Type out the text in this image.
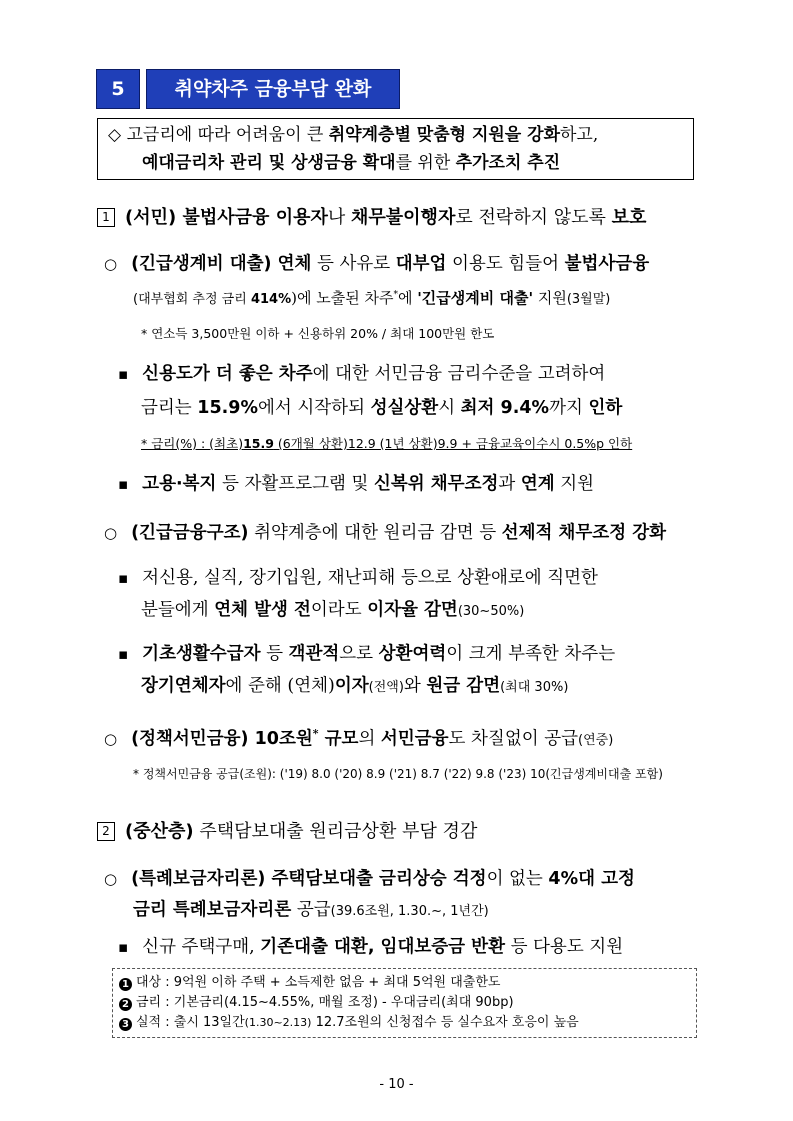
5	취약차주 금융부담 완화
◇ 고금리에 따라 어려움이 큰 취약계층별 맞춤형 지원을 강화하고,
예대금리차 관리 및 상생금융 확대를 위한 추가조치 추진
1 (서민) 불법사금융 이용자나 채무불이행자로 전락하지 않도록 보호
○ (긴급생계비 대출) 연체 등 사유로 대부업 이용도 힘들어 불법사금융
(대부협회 추정 금리 414%)에 노출된 차주*에 '긴급생계비 대출' 지원(3월말)
* 연소득 3,500만원 이하 + 신용하위 20% / 최대 100만원 한도
▪ 신용도가 더 좋은 차주에 대한 서민금융 금리수준을 고려하여
금리는 15.9%에서 시작하되 성실상환시 최저 9.4%까지 인하
* 금리(%) : (최초)15.9 (6개월 상환)12.9 (1년 상환)9.9 + 금융교육이수시 0.5%p 인하
▪ 고용·복지 등 자활프로그램 및 신복위 채무조정과 연계 지원
○ (긴급금융구조) 취약계층에 대한 원리금 감면 등 선제적 채무조정 강화
▪ 저신용, 실직, 장기입원, 재난피해 등으로 상환애로에 직면한
분들에게 연체 발생 전이라도 이자율 감면(30~50%)
▪ 기초생활수급자 등 객관적으로 상환여력이 크게 부족한 차주는
장기연체자에 준해 (연체)이자(전액)와 원금 감면(최대 30%)
○ (정책서민금융) 10조원* 규모의 서민금융도 차질없이 공급(연중)
* 정책서민금융 공급(조원): ('19) 8.0 ('20) 8.9 ('21) 8.7 ('22) 9.8 ('23) 10(긴급생계비대출 포함)
2 (중산층) 주택담보대출 원리금상환 부담 경감
○ (특례보금자리론) 주택담보대출 금리상승 걱정이 없는 4%대 고정
금리 특례보금자리론 공급(39.6조원, 1.30.~, 1년간)
▪ 신규 주택구매, 기존대출 대환, 임대보증금 반환 등 다용도 지원
1 대상 : 9억원 이하 주택 + 소득제한 없음 + 최대 5억원 대출한도
2 금리 : 기본금리(4.15~4.55%, 매월 조정) - 우대금리(최대 90bp)
3 실적 : 출시 13일간(1.30~2.13) 12.7조원의 신청접수 등 실수요자 호응이 높음
- 10 -
